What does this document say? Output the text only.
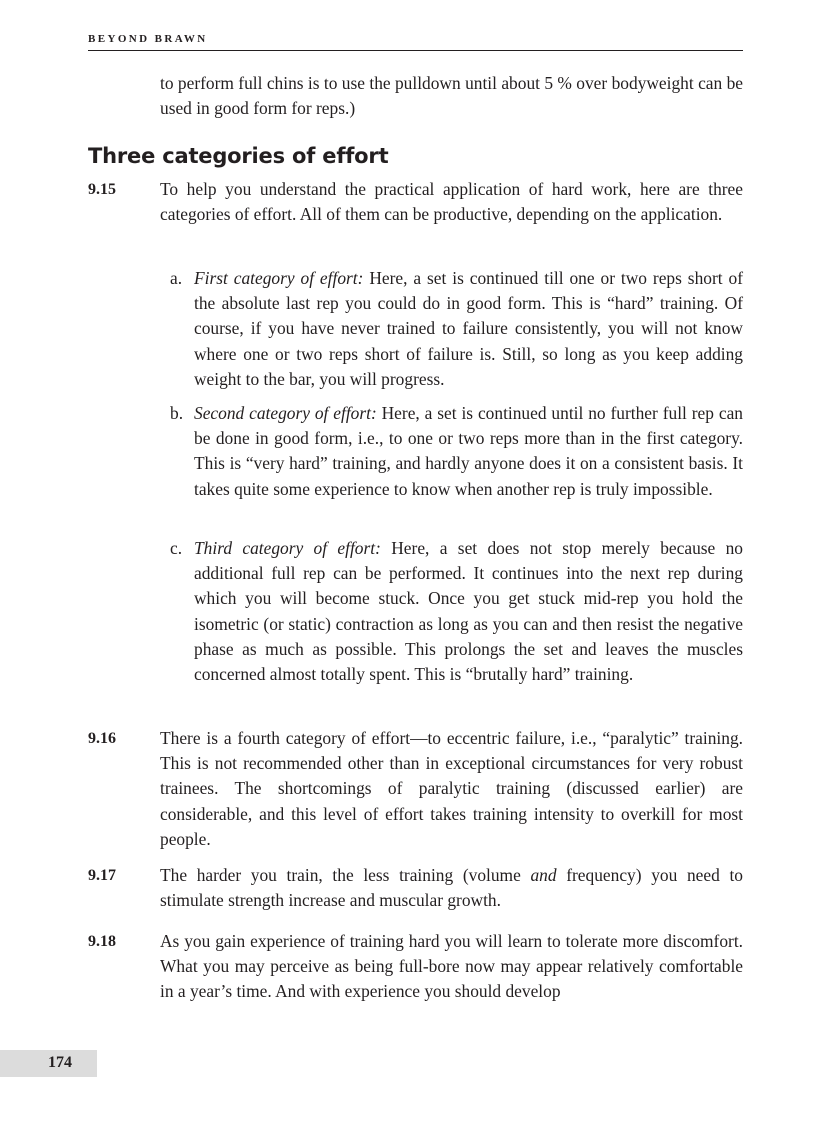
BEYOND BRAWN

to perform full chins is to use the pulldown until about 5 % over bodyweight can be used in good form for reps.)

Three categories of effort
9.15	To help you understand the practical application of hard work, here are three categories of effort. All of them can be productive, depending on the application.

a. First category of effort: Here, a set is continued till one or two reps short of the absolute last rep you could do in good form. This is “hard” training. Of course, if you have never trained to failure consistently, you will not know where one or two reps short of failure is. Still, so long as you keep adding weight to the bar, you will progress.

b. Second category of effort: Here, a set is continued until no further full rep can be done in good form, i.e., to one or two reps more than in the first category. This is “very hard” training, and hardly anyone does it on a consistent basis. It takes quite some experience to know when another rep is truly impossible.

c. Third category of effort: Here, a set does not stop merely because no additional full rep can be performed. It continues into the next rep during which you will become stuck. Once you get stuck mid-rep you hold the isometric (or static) contraction as long as you can and then resist the negative phase as much as possible. This prolongs the set and leaves the muscles concerned almost totally spent. This is “brutally hard” training.

9.16	There is a fourth category of effort—to eccentric failure, i.e., “paralytic” training. This is not recommended other than in exceptional circumstances for very robust trainees. The shortcomings of paralytic training (discussed earlier) are considerable, and this level of effort takes training intensity to overkill for most people.

9.17	The harder you train, the less training (volume and frequency) you need to stimulate strength increase and muscular growth.

9.18	As you gain experience of training hard you will learn to tolerate more discomfort. What you may perceive as being full-bore now may appear relatively comfortable in a year’s time. And with experience you should develop

174
